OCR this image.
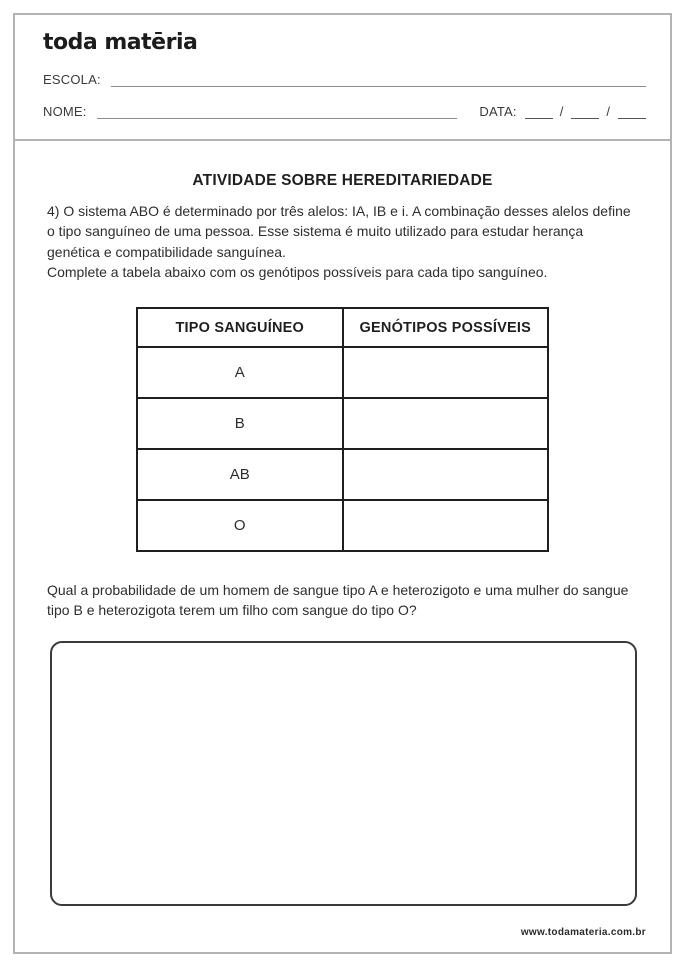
toda matēria
ESCOLA:
NOME:	DATA:	/	/
ATIVIDADE SOBRE HEREDITARIEDADE
4) O sistema ABO é determinado por três alelos: IA, IB e i. A combinação desses alelos define o tipo sanguíneo de uma pessoa. Esse sistema é muito utilizado para estudar herança genética e compatibilidade sanguínea.
Complete a tabela abaixo com os genótipos possíveis para cada tipo sanguíneo.
TIPO SANGUÍNEO	GENÓTIPOS POSSÍVEIS
A	
B	
AB	
O	
Qual a probabilidade de um homem de sangue tipo A e heterozigoto e uma mulher do sangue tipo B e heterozigota terem um filho com sangue do tipo O?
www.todamateria.com.br
